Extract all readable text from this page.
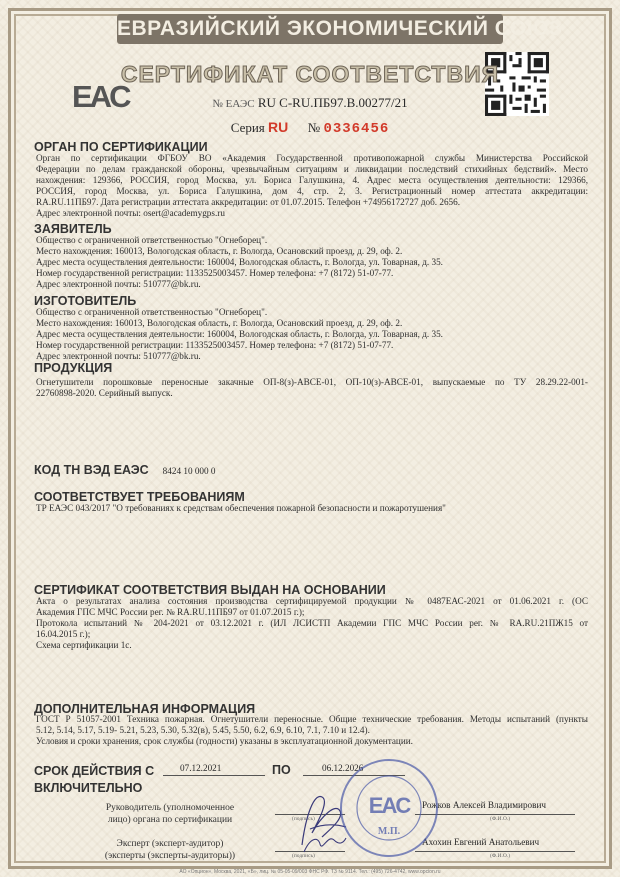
ЕВРАЗИЙСКИЙ ЭКОНОМИЧЕСКИЙ СОЮЗ
EAC
СЕРТИФИКАТ СООТВЕТСТВИЯ
№ ЕАЭС RU С-RU.ПБ97.В.00277/21
Серия RU № 0336456
ОРГАН ПО СЕРТИФИКАЦИИ
Орган по сертификации ФГБОУ ВО «Академия Государственной противопожарной службы Министерства Российской
Федерации по делам гражданской обороны, чрезвычайным ситуациям и ликвидации последствий стихийных бедствий». Место
нахождения: 129366, РОССИЯ, город Москва, ул. Бориса Галушкина, 4. Адрес места осуществления деятельности: 129366,
РОССИЯ, город Москва, ул. Бориса Галушкина, дом 4, стр. 2, 3. Регистрационный номер аттестата аккредитации:
RA.RU.11ПБ97. Дата регистрации аттестата аккредитации: от 01.07.2015. Телефон +74956172727 доб. 2656.
Адрес электронной почты: osert@academygps.ru
ЗАЯВИТЕЛЬ
Общество с ограниченной ответственностью "Огнеборец".
Место нахождения: 160013, Вологодская область, г. Вологда, Осановский проезд, д. 29, оф. 2.
Адрес места осуществления деятельности: 160004, Вологодская область, г. Вологда, ул. Товарная, д. 35.
Номер государственной регистрации: 1133525003457. Номер телефона: +7 (8172) 51-07-77.
Адрес электронной почты: 510777@bk.ru.
ИЗГОТОВИТЕЛЬ
Общество с ограниченной ответственностью "Огнеборец".
Место нахождения: 160013, Вологодская область, г. Вологда, Осановский проезд, д. 29, оф. 2.
Адрес места осуществления деятельности: 160004, Вологодская область, г. Вологда, ул. Товарная, д. 35.
Номер государственной регистрации: 1133525003457. Номер телефона: +7 (8172) 51-07-77.
Адрес электронной почты: 510777@bk.ru.
ПРОДУКЦИЯ
Огнетушители порошковые переносные закачные ОП-8(з)-АВСЕ-01, ОП-10(з)-АВСЕ-01, выпускаемые по ТУ 28.29.22-001-
22760898-2020. Серийный выпуск.
КОД ТН ВЭД ЕАЭС 8424 10 000 0
СООТВЕТСТВУЕТ ТРЕБОВАНИЯМ
ТР ЕАЭС 043/2017 "О требованиях к средствам обеспечения пожарной безопасности и пожаротушения"
СЕРТИФИКАТ СООТВЕТСТВИЯ ВЫДАН НА ОСНОВАНИИ
Акта о результатах анализа состояния производства сертифицируемой продукции № 0487ЕАС-2021 от 01.06.2021 г. (ОС
Академия ГПС МЧС России рег. № RA.RU.11ПБ97 от 01.07.2015 г.);
Протокола испытаний № 204-2021 от 03.12.2021 г. (ИЛ ЛСИСТП Академии ГПС МЧС России рег. № RA.RU.21ПЖ15 от
16.04.2015 г.);
Схема сертификации 1с.
ДОПОЛНИТЕЛЬНАЯ ИНФОРМАЦИЯ
ГОСТ Р 51057-2001 Техника пожарная. Огнетушители переносные. Общие технические требования. Методы испытаний (пункты
5.12, 5.14, 5.17, 5.19- 5.21, 5.23, 5.30, 5.32(в), 5.45, 5.50, 6.2, 6.9, 6.10, 7.1, 7.10 и 12.4).
Условия и сроки хранения, срок службы (годности) указаны в эксплуатационной документации.
СРОК ДЕЙСТВИЯ С
ВКЛЮЧИТЕЛЬНО
07.12.2021	ПО	06.12.2026
Руководитель (уполномоченное
лицо) органа по сертификации	(подпись)
Рожков Алексей Владимирович
(Ф.И.О.)
Эксперт (эксперт-аудитор)
(эксперты (эксперты-аудиторы))	(подпись)
Ахохин Евгений Анатольевич
(Ф.И.О.)
EAC
М.П.
АО «Опцион», Москва, 2021, «Б», лиц. № 05-05-09/003 ФНС РФ. ТЗ № 9114. Тел.: (495) 726-4742, www.opcion.ru
